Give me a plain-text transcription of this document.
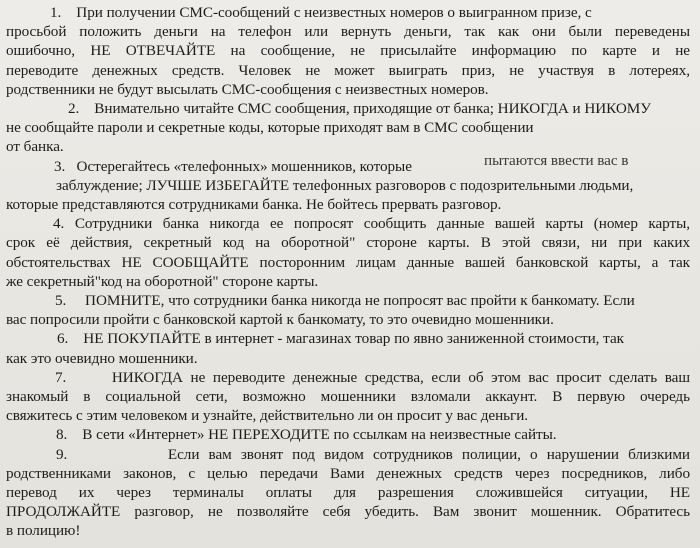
1. При получении СМС-сообщений с неизвестных номеров о выигранном призе, с
просьбой положить деньги на телефон или вернуть деньги, так как они были переведены
ошибочно, НЕ ОТВЕЧАЙТЕ на сообщение, не присылайте информацию по карте и не
переводите денежных средств. Человек не может выиграть приз, не участвуя в лотереях,
родственники не будут высылать СМС-сообщения с неизвестных номеров.
2. Внимательно читайте СМС сообщения, приходящие от банка; НИКОГДА и НИКОМУ
не сообщайте пароли и секретные коды, которые приходят вам в СМС сообщении
от банка.
3. Остерегайтесь «телефонных» мошенников, которые	пытаются ввести вас в
заблуждение; ЛУЧШЕ ИЗБЕГАЙТЕ телефонных разговоров с подозрительными людьми,
которые представляются сотрудниками банка. Не бойтесь прервать разговор.
4. Сотрудники банка никогда ее попросят сообщить данные вашей карты (номер карты,
срок её действия, секретный код на оборотной" стороне карты. В этой связи, ни при каких
обстоятельствах НЕ СООБЩАЙТЕ посторонним лицам данные вашей банковской карты, а так
же секретный"код на оборотной" стороне карты.
5. ПОМНИТЕ, что сотрудники банка никогда не попросят вас пройти к банкомату. Если
вас попросили пройти с банковской картой к банкомату, то это очевидно мошенники.
6. НЕ ПОКУПАЙТЕ в интернет - магазинах товар по явно заниженной стоимости, так
как это очевидно мошенники.
7.	НИКОГДА не переводите денежные средства, если об этом вас просит сделать ваш
знакомый в социальной сети, возможно мошенники взломали аккаунт. В первую очередь
свяжитесь с этим человеком и узнайте, действительно ли он просит у вас деньги.
8. В сети «Интернет» НЕ ПЕРЕХОДИТЕ по ссылкам на неизвестные сайты.
9.	Если вам звонят под видом сотрудников полиции, о нарушении близкими
родственниками законов, с целью передачи Вами денежных средств через посредников, либо
перевод их через терминалы оплаты для разрешения сложившейся ситуации, НЕ
ПРОДОЛЖАЙТЕ разговор, не позволяйте себя убедить. Вам звонит мошенник. Обратитесь
в полицию!
